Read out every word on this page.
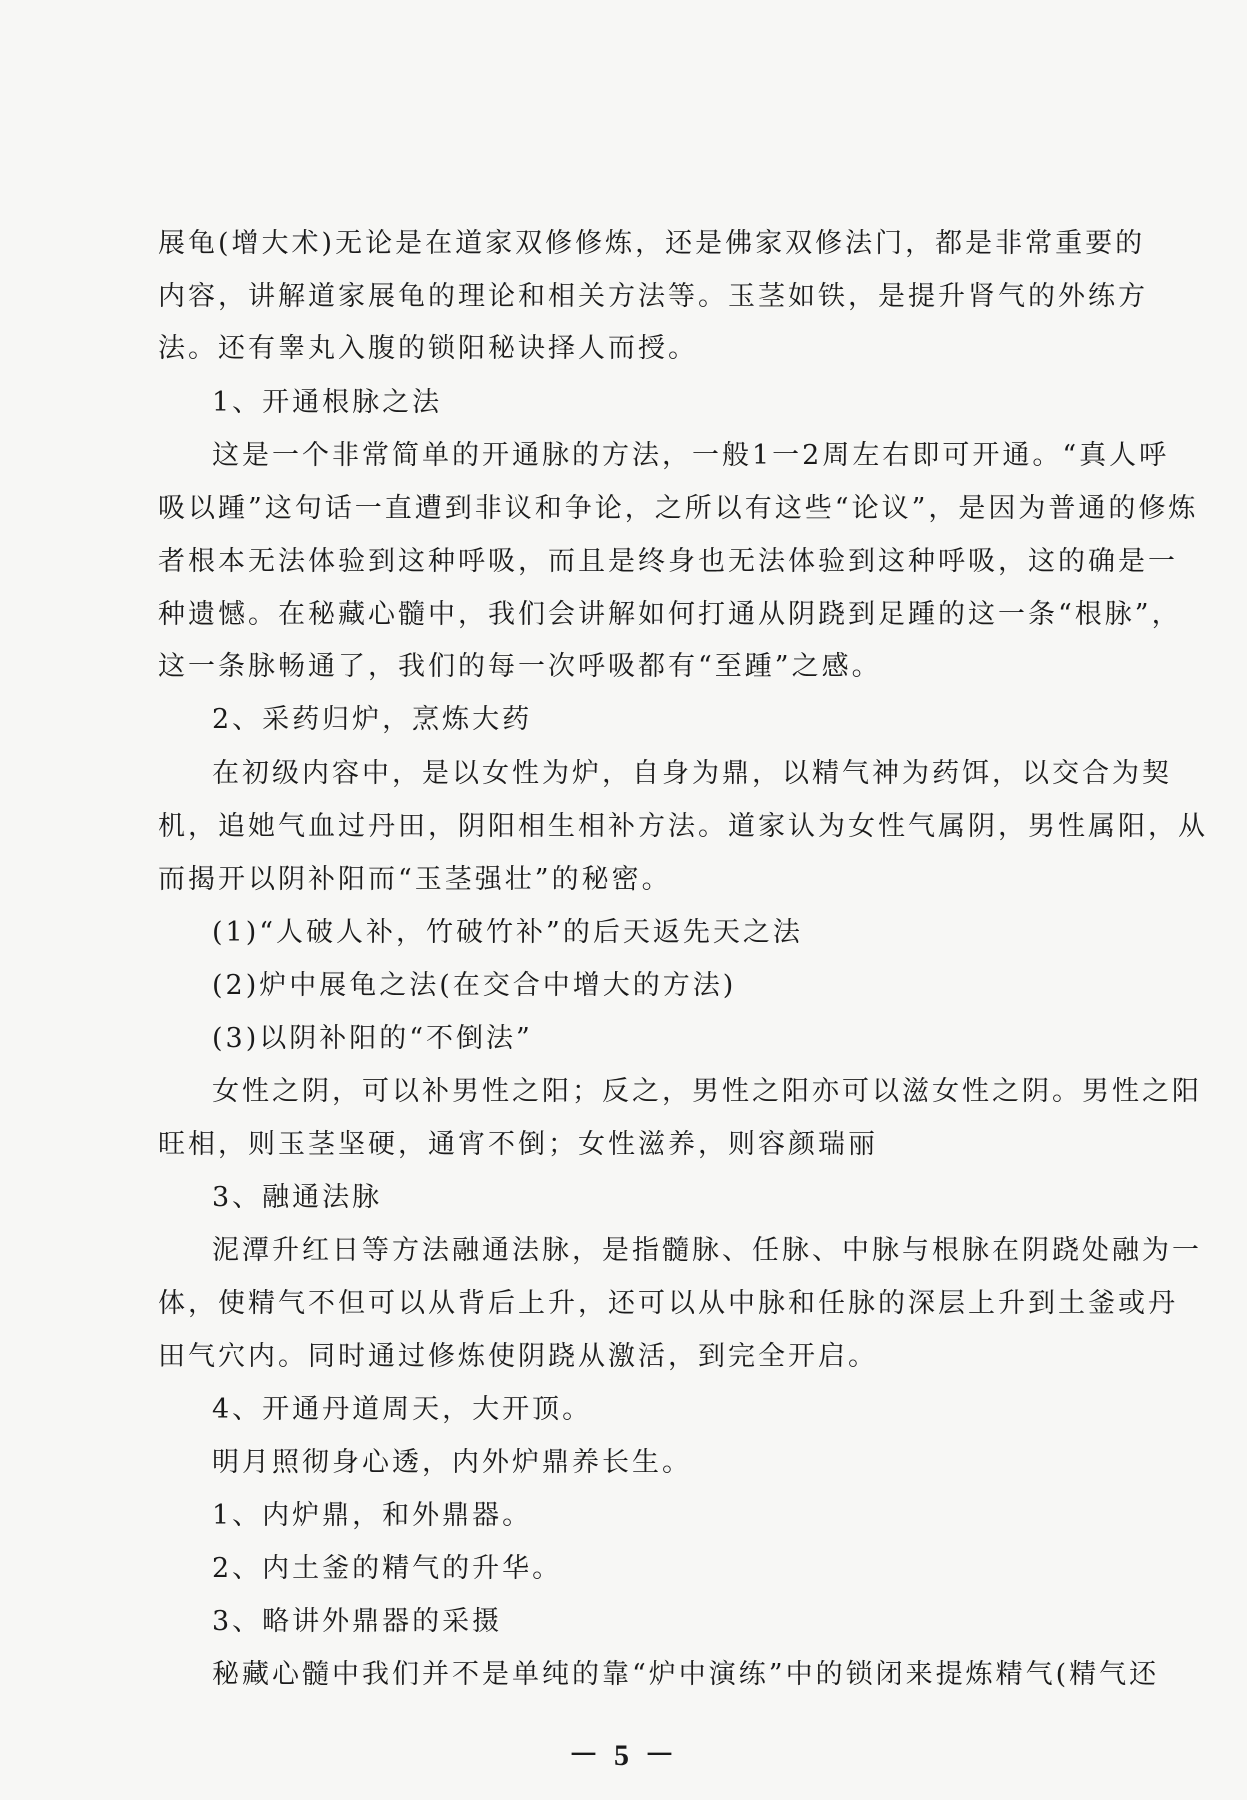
展龟(增大术)无论是在道家双修修炼，还是佛家双修法门，都是非常重要的
内容，讲解道家展龟的理论和相关方法等。玉茎如铁，是提升肾气的外练方
法。还有睾丸入腹的锁阳秘诀择人而授。
1、开通根脉之法
这是一个非常简单的开通脉的方法，一般1一2周左右即可开通。“真人呼
吸以踵”这句话一直遭到非议和争论，之所以有这些“论议”，是因为普通的修炼
者根本无法体验到这种呼吸，而且是终身也无法体验到这种呼吸，这的确是一
种遗憾。在秘藏心髓中，我们会讲解如何打通从阴跷到足踵的这一条“根脉”，
这一条脉畅通了，我们的每一次呼吸都有“至踵”之感。
2、采药归炉，烹炼大药
在初级内容中，是以女性为炉，自身为鼎，以精气神为药饵，以交合为契
机，追她气血过丹田，阴阳相生相补方法。道家认为女性气属阴，男性属阳，从
而揭开以阴补阳而“玉茎强壮”的秘密。
(1)“人破人补，竹破竹补”的后天返先天之法
(2)炉中展龟之法(在交合中增大的方法)
(3)以阴补阳的“不倒法”
女性之阴，可以补男性之阳；反之，男性之阳亦可以滋女性之阴。男性之阳
旺相，则玉茎坚硬，通宵不倒；女性滋养，则容颜瑞丽
3、融通法脉
泥潭升红日等方法融通法脉，是指髓脉、任脉、中脉与根脉在阴跷处融为一
体，使精气不但可以从背后上升，还可以从中脉和任脉的深层上升到土釜或丹
田气穴内。同时通过修炼使阴跷从激活，到完全开启。
4、开通丹道周天，大开顶。
明月照彻身心透，内外炉鼎养长生。
1、内炉鼎，和外鼎器。
2、内土釜的精气的升华。
3、略讲外鼎器的采摄
秘藏心髓中我们并不是单纯的靠“炉中演练”中的锁闭来提炼精气(精气还
－ 5 －
